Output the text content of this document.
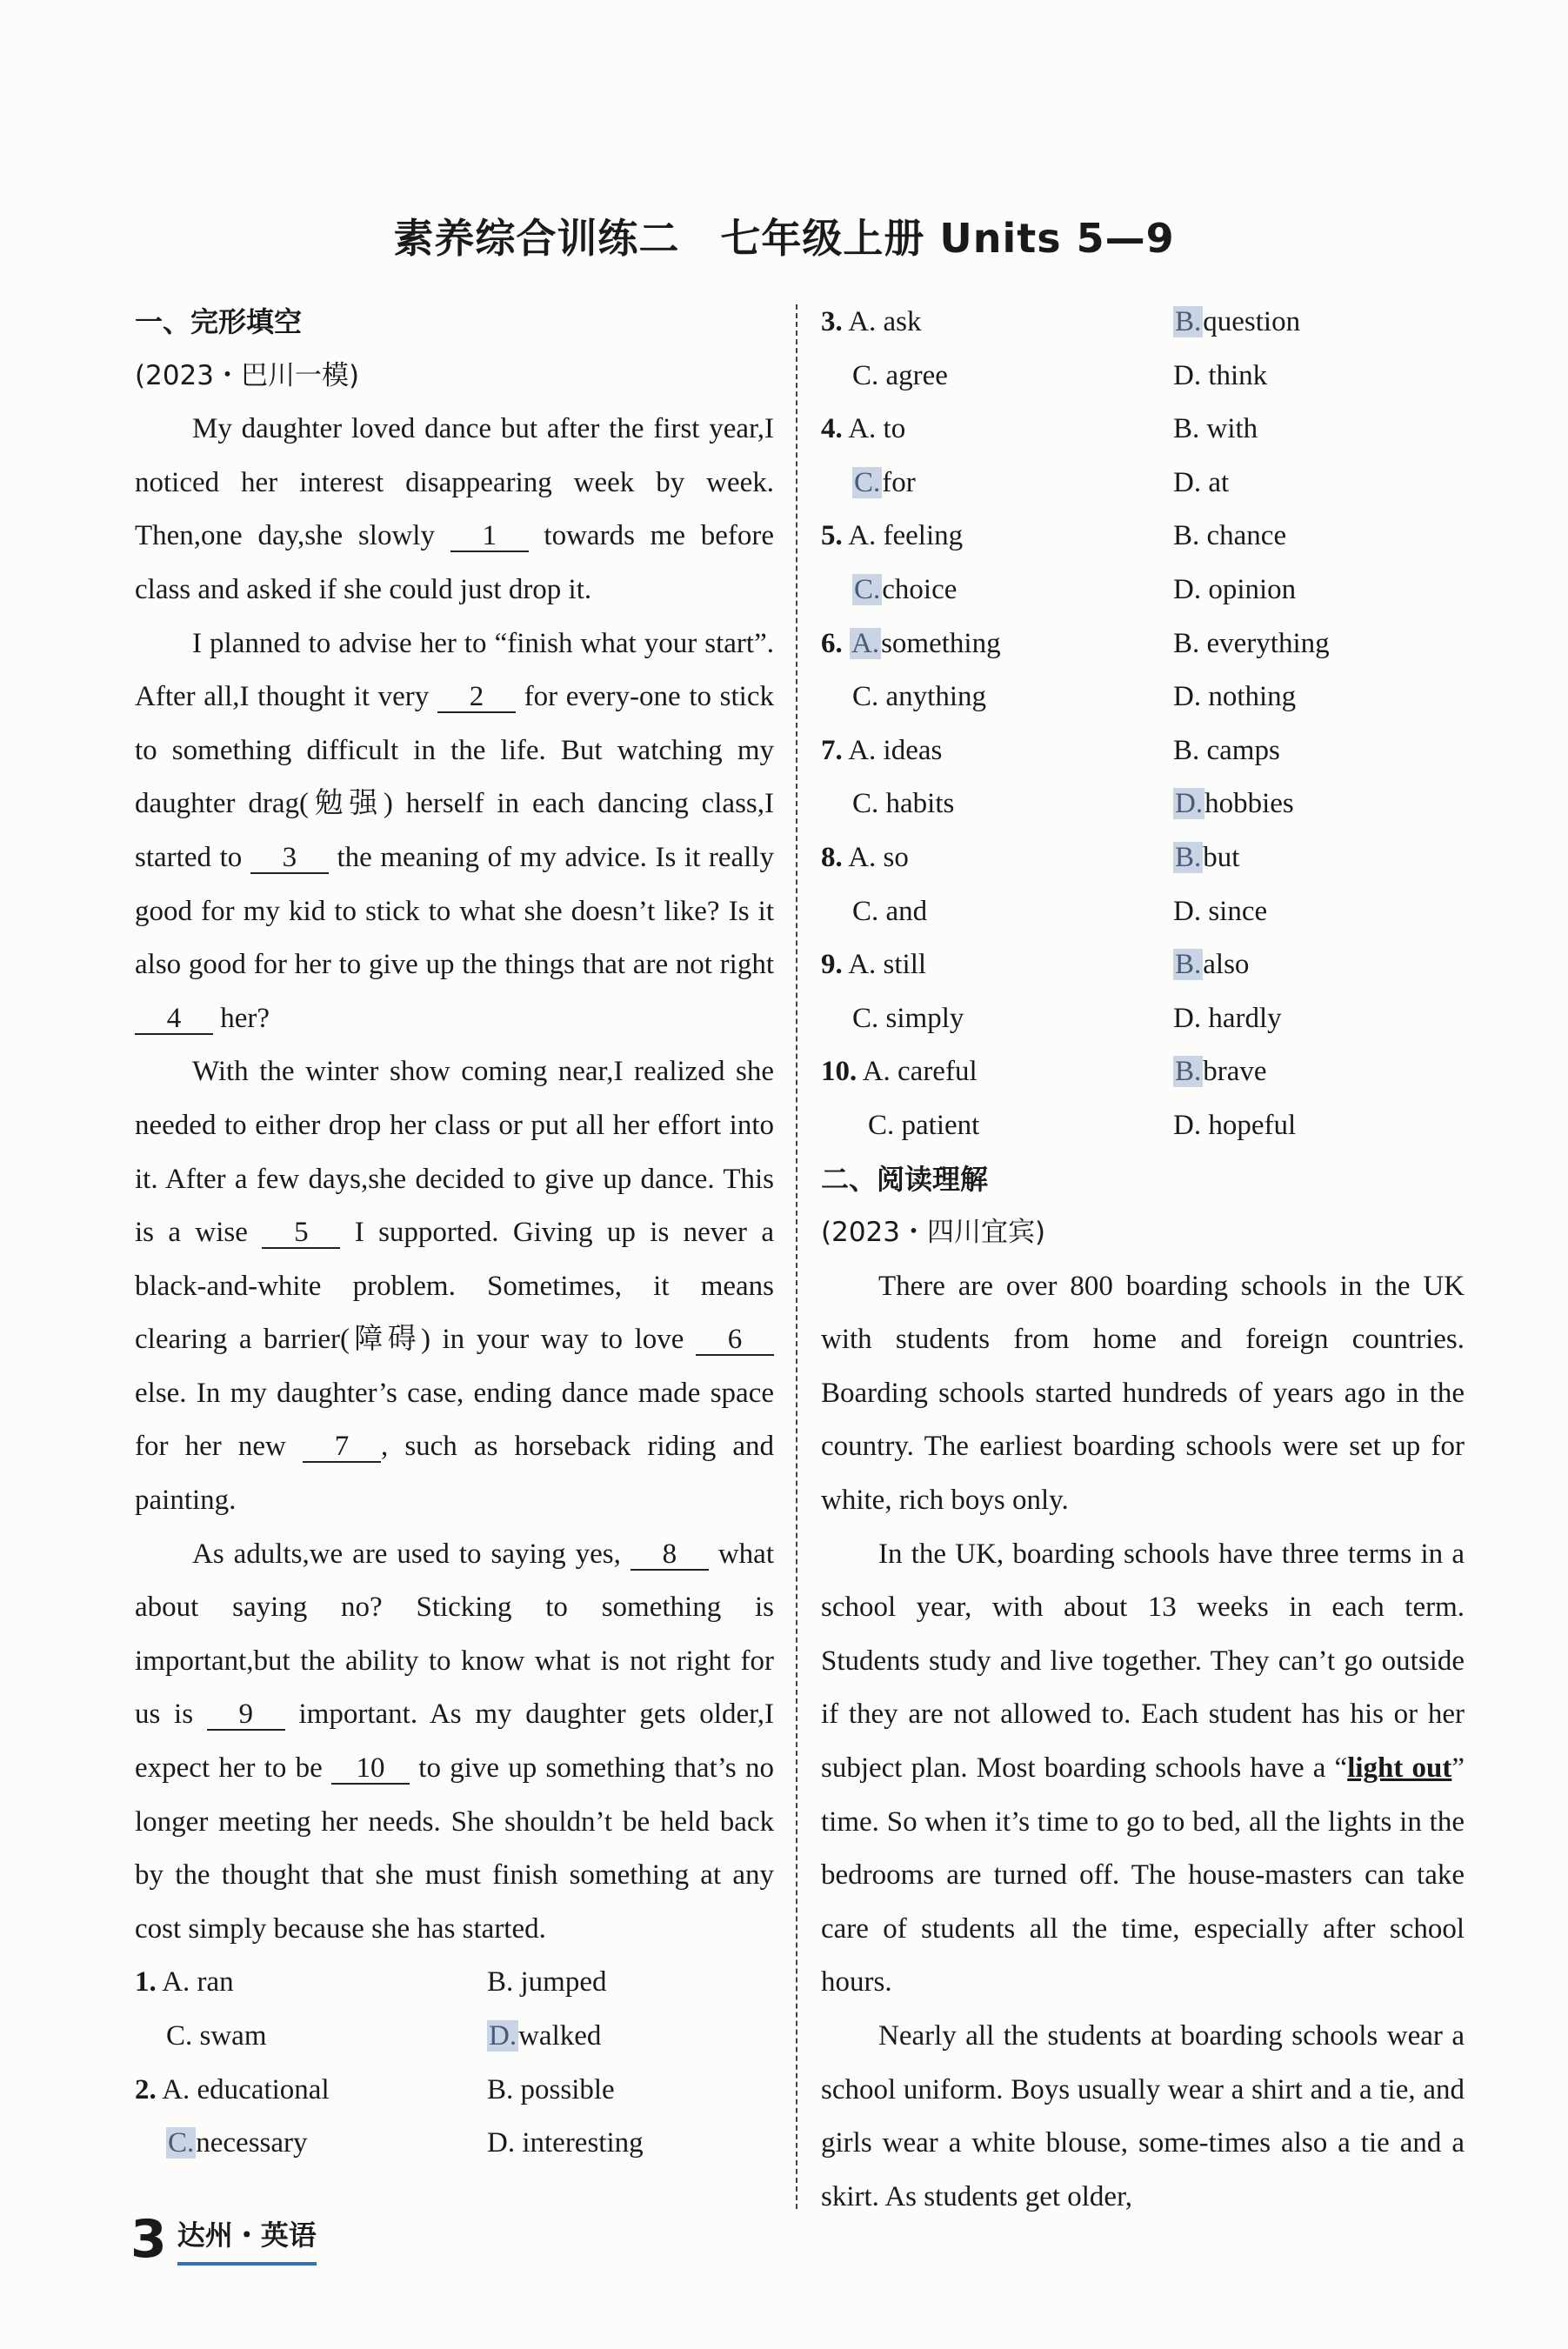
素养综合训练二　七年级上册 Units 5—9
一、完形填空
(2023・巴川一模)

My daughter loved dance but after the first year,I noticed her interest disappearing week by week. Then,one day,she slowly 1 towards me before class and asked if she could just drop it.

I planned to advise her to “finish what your start”. After all,I thought it very 2 for every-one to stick to something difficult in the life. But watching my daughter drag(勉强) herself in each dancing class,I started to 3 the meaning of my advice. Is it really good for my kid to stick to what she doesn’t like? Is it also good for her to give up the things that are not right 4 her?

With the winter show coming near,I realized she needed to either drop her class or put all her effort into it. After a few days,she decided to give up dance. This is a wise 5 I supported. Giving up is never a black-and-white problem. Sometimes, it means clearing a barrier(障碍) in your way to love 6 else. In my daughter’s case, ending dance made space for her new 7 , such as horseback riding and painting.

As adults,we are used to saying yes, 8 what about saying no? Sticking to something is important,but the ability to know what is not right for us is 9 important. As my daughter gets older,I expect her to be 10 to give up something that’s no longer meeting her needs. She shouldn’t be held back by the thought that she must finish something at any cost simply because she has started.

1. A. ran	B. jumped
C. swam	D.walked
2. A. educational	B. possible
C.necessary	D. interesting
3. A. ask	B.question
C. agree	D. think
4. A. to	B. with
C.for	D. at
5. A. feeling	B. chance
C.choice	D. opinion
6. A.something	B. everything
C. anything	D. nothing
7. A. ideas	B. camps
C. habits	D.hobbies
8. A. so	B.but
C. and	D. since
9. A. still	B.also
C. simply	D. hardly
10. A. careful	B.brave
C. patient	D. hopeful
二、阅读理解
(2023・四川宜宾)

There are over 800 boarding schools in the UK with students from home and foreign countries. Boarding schools started hundreds of years ago in the country. The earliest boarding schools were set up for white, rich boys only.

In the UK, boarding schools have three terms in a school year, with about 13 weeks in each term. Students study and live together. They can’t go outside if they are not allowed to. Each student has his or her subject plan. Most boarding schools have a “light out” time. So when it’s time to go to bed, all the lights in the bedrooms are turned off. The house-masters can take care of students all the time, especially after school hours.

Nearly all the students at boarding schools wear a school uniform. Boys usually wear a shirt and a tie, and girls wear a white blouse, some-times also a tie and a skirt. As students get older,

3 达州・英语
